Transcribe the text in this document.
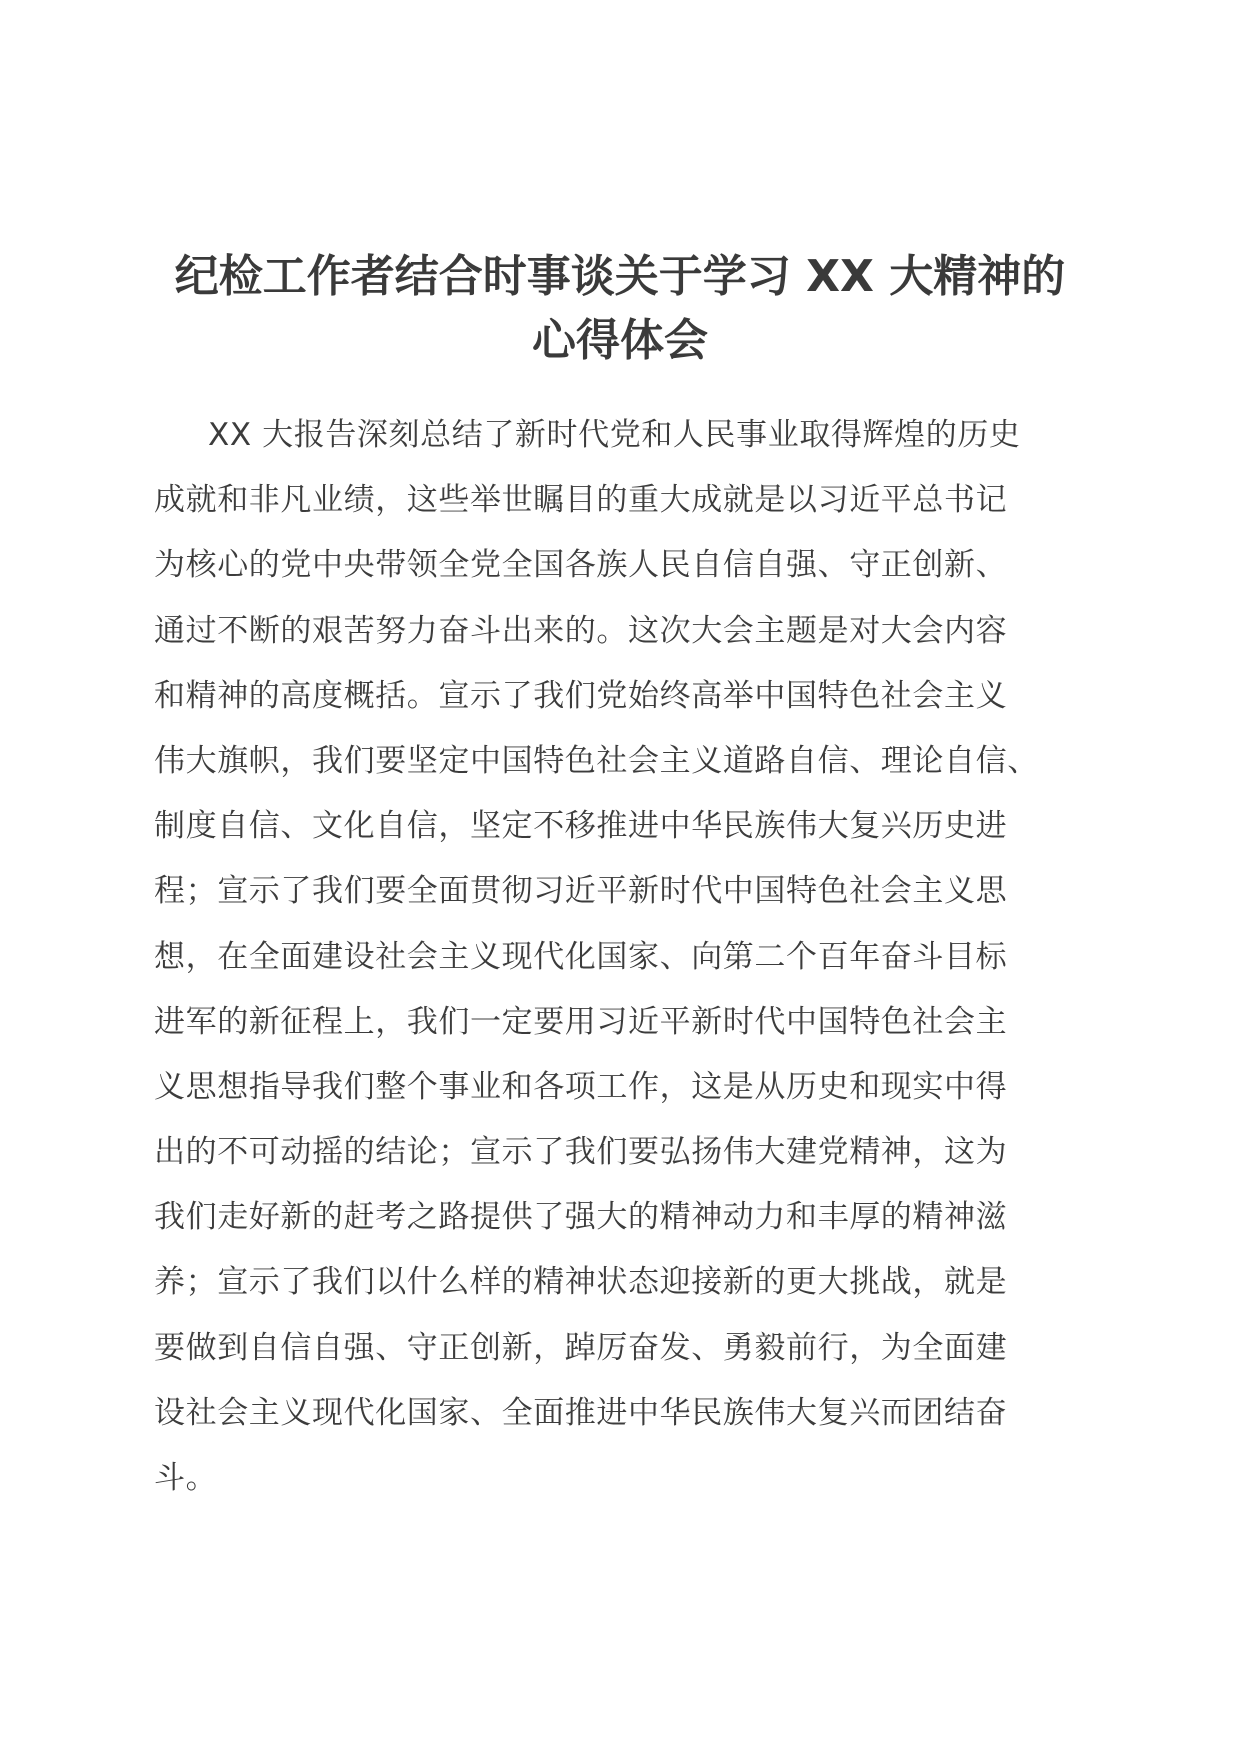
纪检工作者结合时事谈关于学习 XX 大精神的
心得体会
XX 大报告深刻总结了新时代党和人民事业取得辉煌的历史
成就和非凡业绩，这些举世瞩目的重大成就是以习近平总书记
为核心的党中央带领全党全国各族人民自信自强、守正创新、
通过不断的艰苦努力奋斗出来的。这次大会主题是对大会内容
和精神的高度概括。宣示了我们党始终高举中国特色社会主义
伟大旗帜，我们要坚定中国特色社会主义道路自信、理论自信、
制度自信、文化自信，坚定不移推进中华民族伟大复兴历史进
程；宣示了我们要全面贯彻习近平新时代中国特色社会主义思
想，在全面建设社会主义现代化国家、向第二个百年奋斗目标
进军的新征程上，我们一定要用习近平新时代中国特色社会主
义思想指导我们整个事业和各项工作，这是从历史和现实中得
出的不可动摇的结论；宣示了我们要弘扬伟大建党精神，这为
我们走好新的赶考之路提供了强大的精神动力和丰厚的精神滋
养；宣示了我们以什么样的精神状态迎接新的更大挑战，就是
要做到自信自强、守正创新，踔厉奋发、勇毅前行，为全面建
设社会主义现代化国家、全面推进中华民族伟大复兴而团结奋
斗。
